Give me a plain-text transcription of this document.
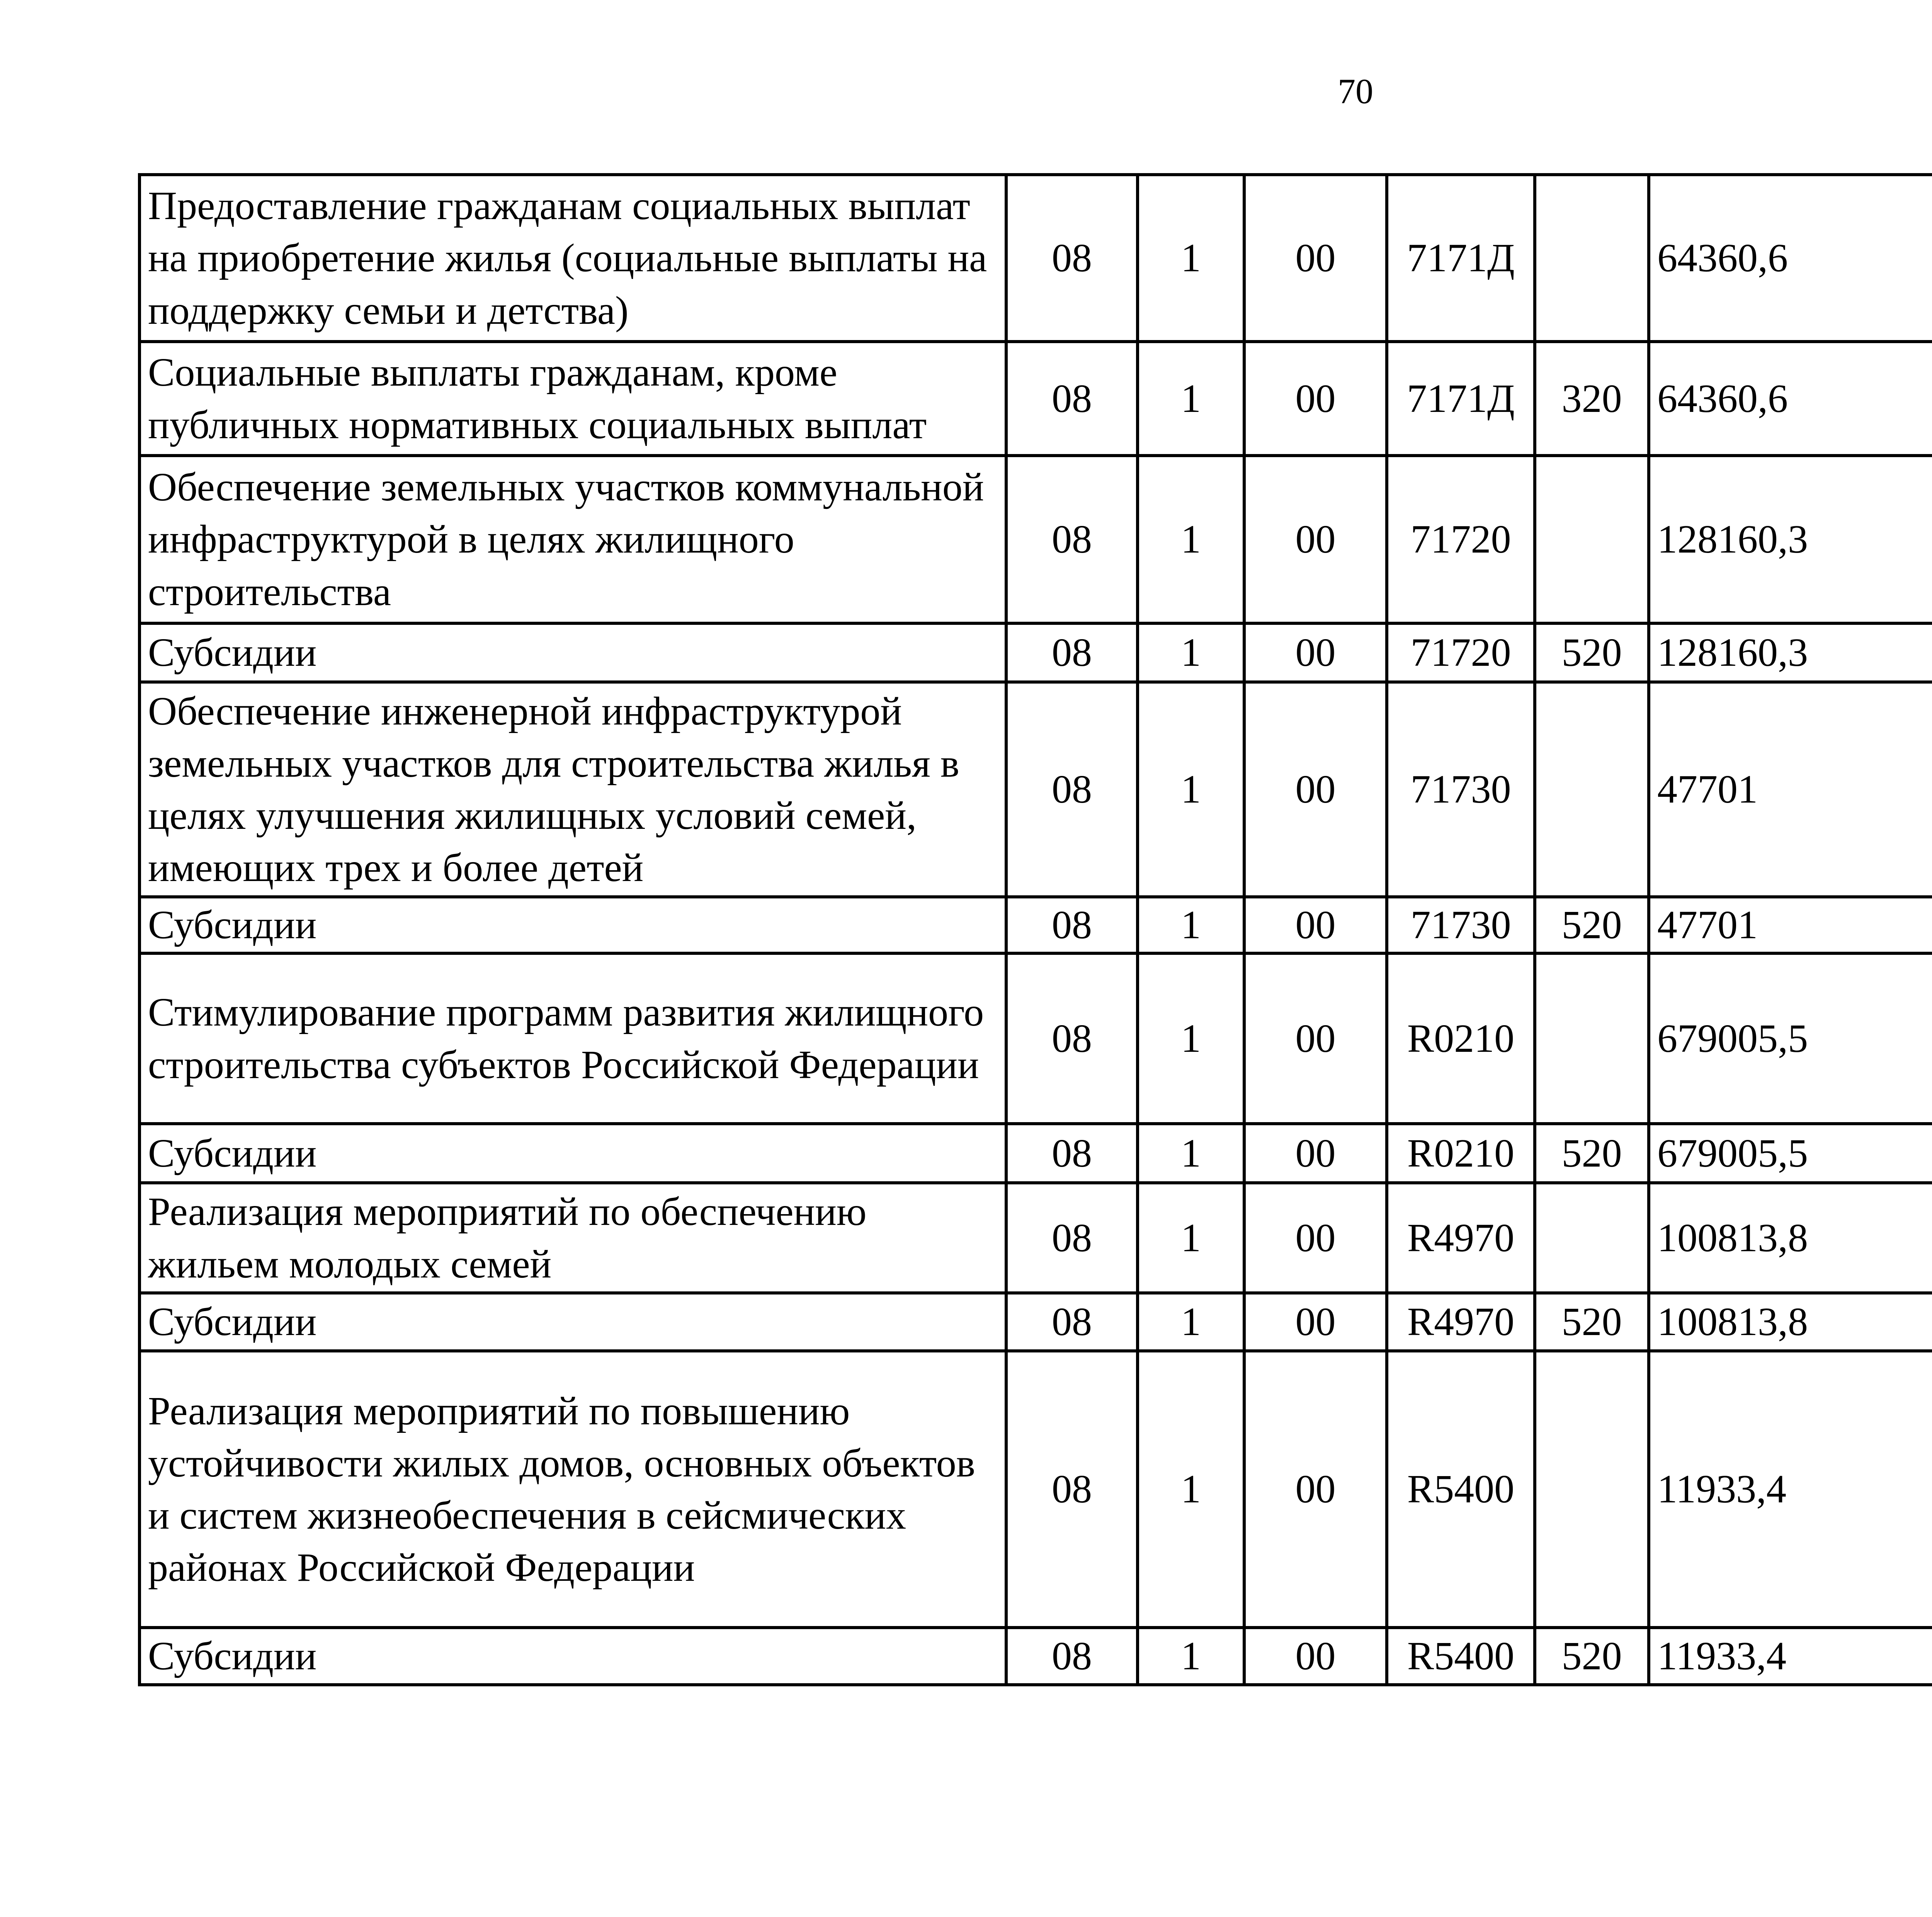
70
Предоставление гражданам социальных выплат на приобретение жилья (социальные выплаты на поддержку семьи и детства)	08	1	00	7171Д		64360,6		
Социальные выплаты гражданам, кроме публичных нормативных социальных выплат	08	1	00	7171Д	320	64360,6		
Обеспечение земельных участков коммунальной инфраструктурой в целях жилищного строительства	08	1	00	71720		128160,3		
Субсидии	08	1	00	71720	520	128160,3		
Обеспечение инженерной инфраструктурой земельных участков для строительства жилья в целях улучшения жилищных условий семей, имеющих трех и более детей	08	1	00	71730		47701		
Субсидии	08	1	00	71730	520	47701		
Стимулирование программ развития жилищного строительства субъектов Российской Федерации	08	1	00	R0210		679005,5		
Субсидии	08	1	00	R0210	520	679005,5		
Реализация мероприятий по обеспечению жильем молодых семей	08	1	00	R4970		100813,8		
Субсидии	08	1	00	R4970	520	100813,8		
Реализация мероприятий по повышению устойчивости жилых домов, основных объектов и систем жизнеобеспечения в сейсмических районах Российской Федерации	08	1	00	R5400		11933,4		
Субсидии	08	1	00	R5400	520	11933,4		
